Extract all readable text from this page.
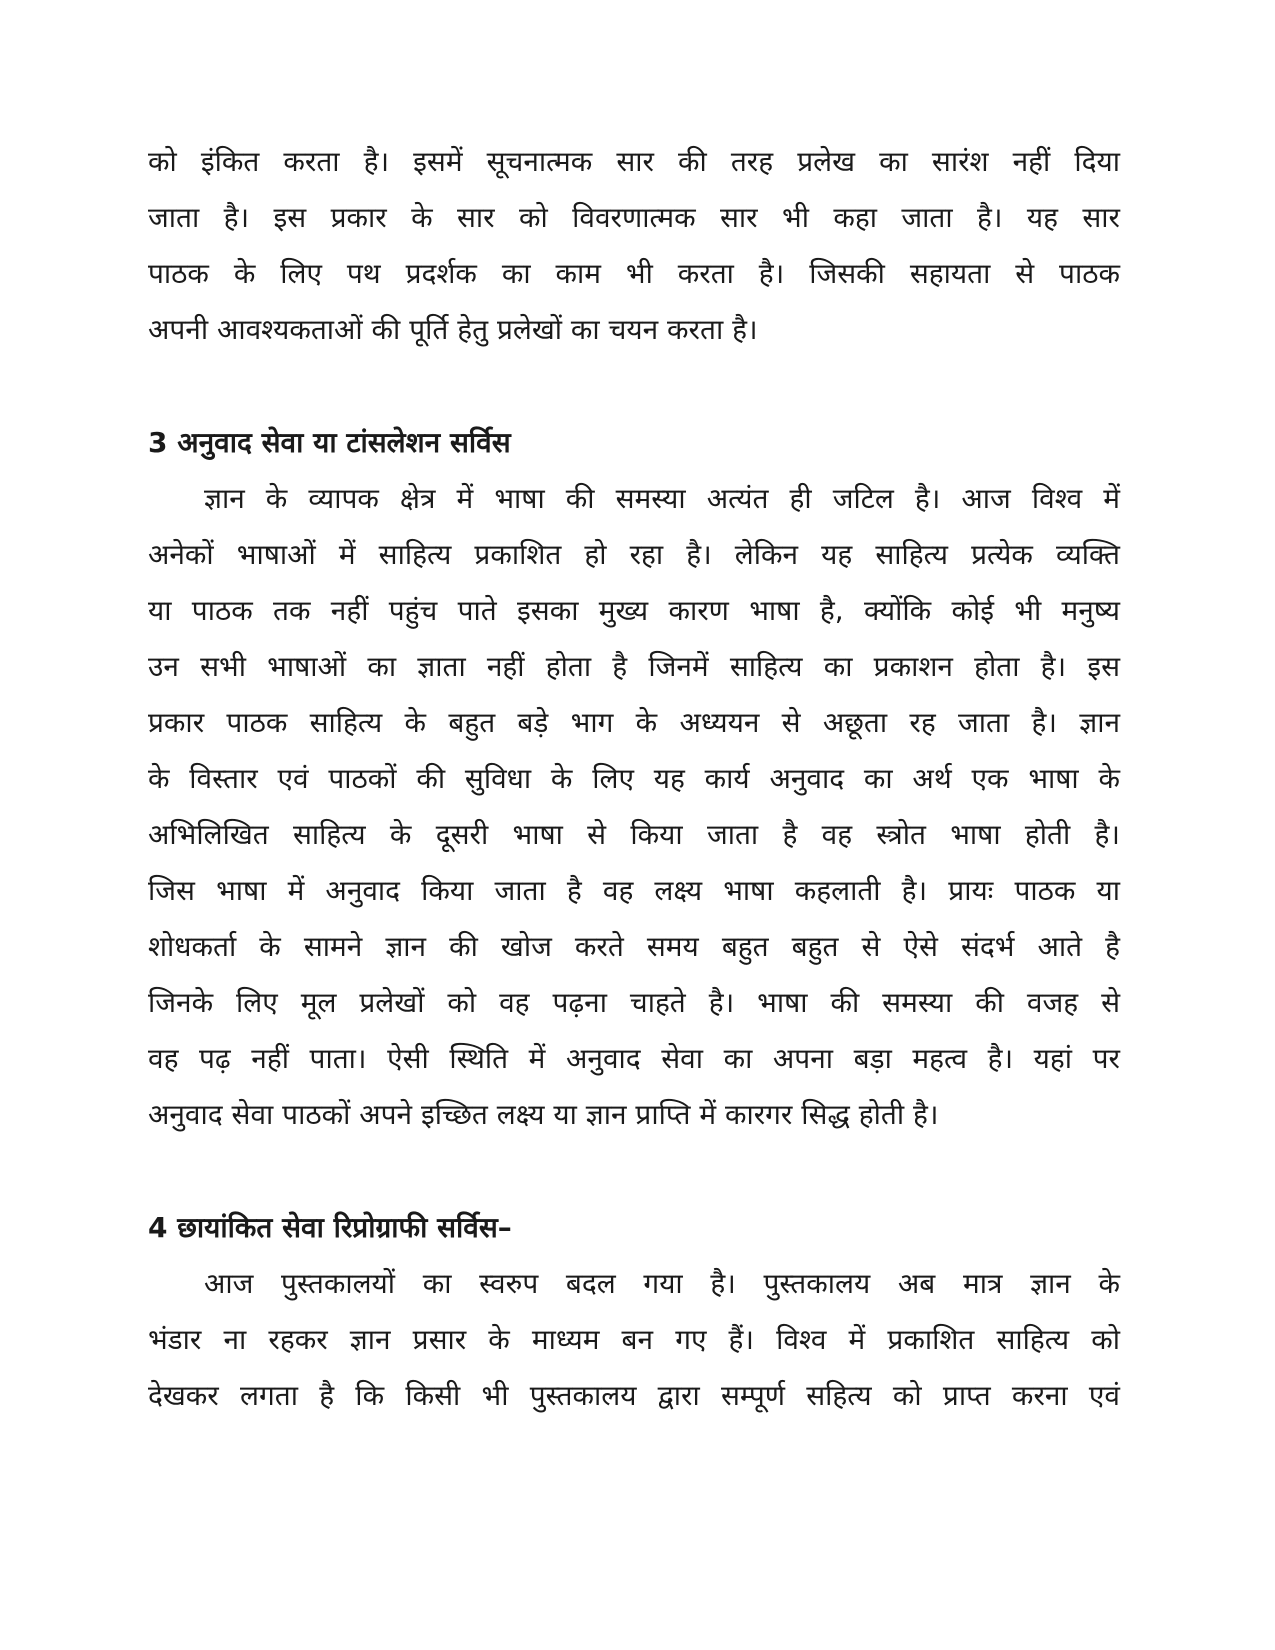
को इंकित करता है। इसमें सूचनात्मक सार की तरह प्रलेख का सारंश नहीं दिया
जाता है। इस प्रकार के सार को विवरणात्मक सार भी कहा जाता है। यह सार
पाठक के लिए पथ प्रदर्शक का काम भी करता है। जिसकी सहायता से पाठक
अपनी आवश्यकताओं की पूर्ति हेतु प्रलेखों का चयन करता है।
3 अनुवाद सेवा या टांसलेशन सर्विस
ज्ञान के व्यापक क्षेत्र में भाषा की समस्या अत्यंत ही जटिल है। आज विश्व में
अनेकों भाषाओं में साहित्य प्रकाशित हो रहा है। लेकिन यह साहित्य प्रत्येक व्यक्ति
या पाठक तक नहीं पहुंच पाते इसका मुख्य कारण भाषा है, क्योंकि कोई भी मनुष्य
उन सभी भाषाओं का ज्ञाता नहीं होता है जिनमें साहित्य का प्रकाशन होता है। इस
प्रकार पाठक साहित्य के बहुत बड़े भाग के अध्ययन से अछूता रह जाता है। ज्ञान
के विस्तार एवं पाठकों की सुविधा के लिए यह कार्य अनुवाद का अर्थ एक भाषा के
अभिलिखित साहित्य के दूसरी भाषा से किया जाता है वह स्त्रोत भाषा होती है।
जिस भाषा में अनुवाद किया जाता है वह लक्ष्य भाषा कहलाती है। प्रायः पाठक या
शोधकर्ता के सामने ज्ञान की खोज करते समय बहुत बहुत से ऐसे संदर्भ आते है
जिनके लिए मूल प्रलेखों को वह पढ़ना चाहते है। भाषा की समस्या की वजह से
वह पढ़ नहीं पाता। ऐसी स्थिति में अनुवाद सेवा का अपना बड़ा महत्व है। यहां पर
अनुवाद सेवा पाठकों अपने इच्छित लक्ष्य या ज्ञान प्राप्ति में कारगर सिद्ध होती है।
4 छायांकित सेवा रिप्रोग्राफी सर्विस–
आज पुस्तकालयों का स्वरुप बदल गया है। पुस्तकालय अब मात्र ज्ञान के
भंडार ना रहकर ज्ञान प्रसार के माध्यम बन गए हैं। विश्व में प्रकाशित साहित्य को
देखकर लगता है कि किसी भी पुस्तकालय द्वारा सम्पूर्ण सहित्य को प्राप्त करना एवं
